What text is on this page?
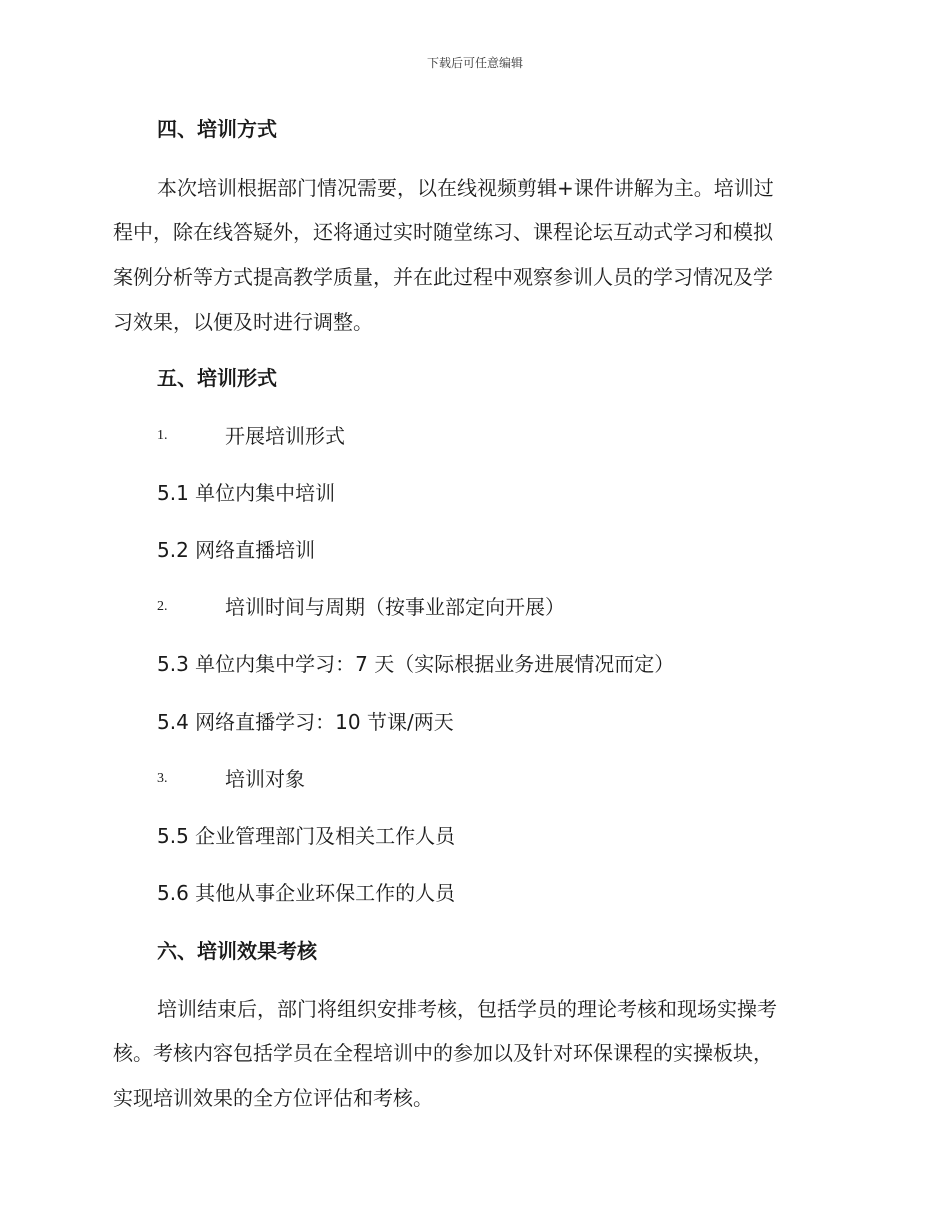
下载后可任意编辑
四、培训方式
本次培训根据部门情况需要，以在线视频剪辑+课件讲解为主。培训过
程中，除在线答疑外，还将通过实时随堂练习、课程论坛互动式学习和模拟
案例分析等方式提高教学质量，并在此过程中观察参训人员的学习情况及学
习效果，以便及时进行调整。
五、培训形式
1.	开展培训形式
5.1 单位内集中培训
5.2 网络直播培训
2.	培训时间与周期（按事业部定向开展）
5.3 单位内集中学习：7 天（实际根据业务进展情况而定）
5.4 网络直播学习：10 节课/两天
3.	培训对象
5.5 企业管理部门及相关工作人员
5.6 其他从事企业环保工作的人员
六、培训效果考核
培训结束后，部门将组织安排考核，包括学员的理论考核和现场实操考
核。考核内容包括学员在全程培训中的参加以及针对环保课程的实操板块，
实现培训效果的全方位评估和考核。
